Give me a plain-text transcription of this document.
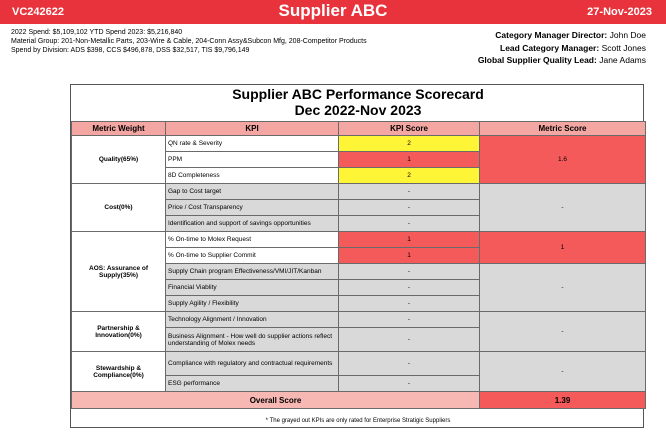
VC242622	Supplier ABC	27-Nov-2023
2022 Spend: $5,109,102 YTD Spend 2023: $5,216,840
Material Group: 201-Non-Metallic Parts, 203-Wire & Cable, 204-Conn Assy&Subcon Mfg, 208-Competitor Products
Spend by Division: ADS $398, CCS $496,878, DSS $32,517, TIS $9,796,149
Category Manager Director: John Doe
Lead Category Manager: Scott Jones
Global Supplier Quality Lead: Jane Adams
Supplier ABC Performance Scorecard
Dec 2022-Nov 2023
Metric Weight	KPI	KPI Score	Metric Score
Quality(65%)	QN rate & Severity	2	1.6
	PPM	1	
	8D Completeness	2	
Cost(0%)	Gap to Cost target	-	-
	Price / Cost Transparency	-	
	Identification and support of savings opportunities	-	
AOS: Assurance of Supply(35%)	% On-time to Molex Request	1	1
	% On-time to Supplier Commit	1	
	Supply Chain program Effectiveness/VMI/JIT/Kanban	-	-
	Financial Viablity	-	
	Supply Agility / Flexibility	-	
Partnership & Innovation(0%)	Technology Alignment / Innovation	-	-
	Business Alignment - How well do supplier actions reflect understanding of Molex needs	-	
Stewardship & Compliance(0%)	Compliance with regulatory and contractual requirements	-	-
	ESG performance	-	
Overall Score			1.39
* The grayed out KPIs are only rated for Enterprise Stratigic Suppliers
